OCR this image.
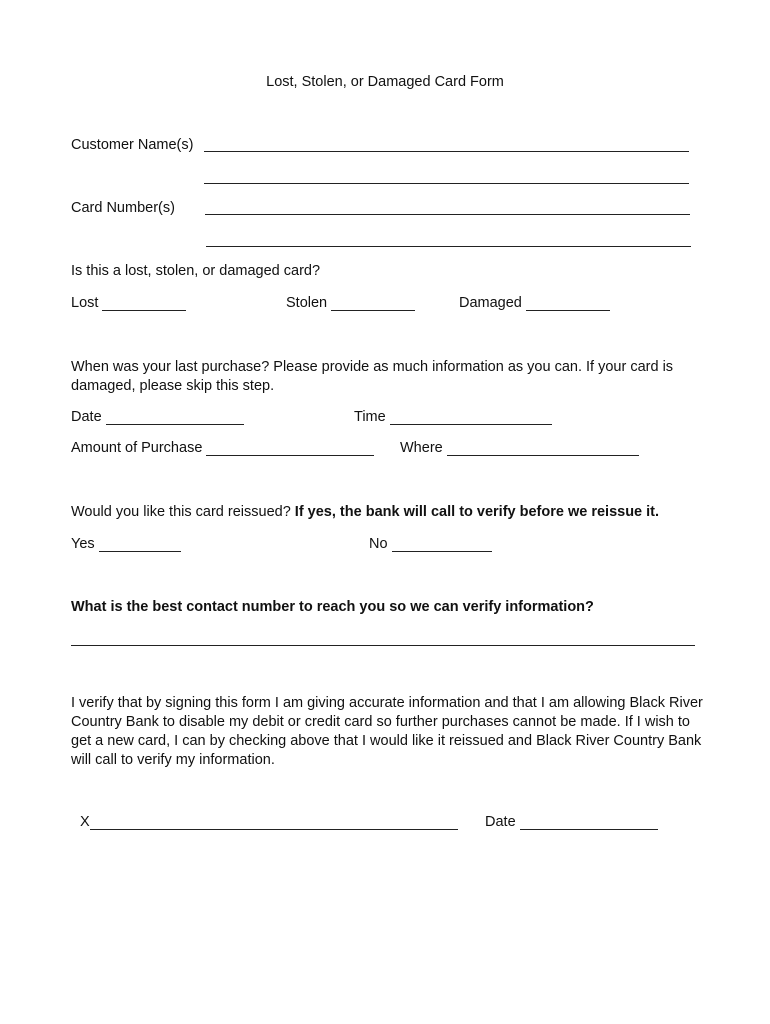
Lost, Stolen, or Damaged Card Form
Customer Name(s)
Card Number(s)
Is this a lost, stolen, or damaged card?
Lost	Stolen	Damaged
When was your last purchase? Please provide as much information as you can. If your card is damaged, please skip this step.
Date	Time
Amount of Purchase	Where
Would you like this card reissued? If yes, the bank will call to verify before we reissue it.
Yes	No
What is the best contact number to reach you so we can verify information?
I verify that by signing this form I am giving accurate information and that I am allowing Black River Country Bank to disable my debit or credit card so further purchases cannot be made. If I wish to get a new card, I can by checking above that I would like it reissued and Black River Country Bank will call to verify my information.
X	Date
